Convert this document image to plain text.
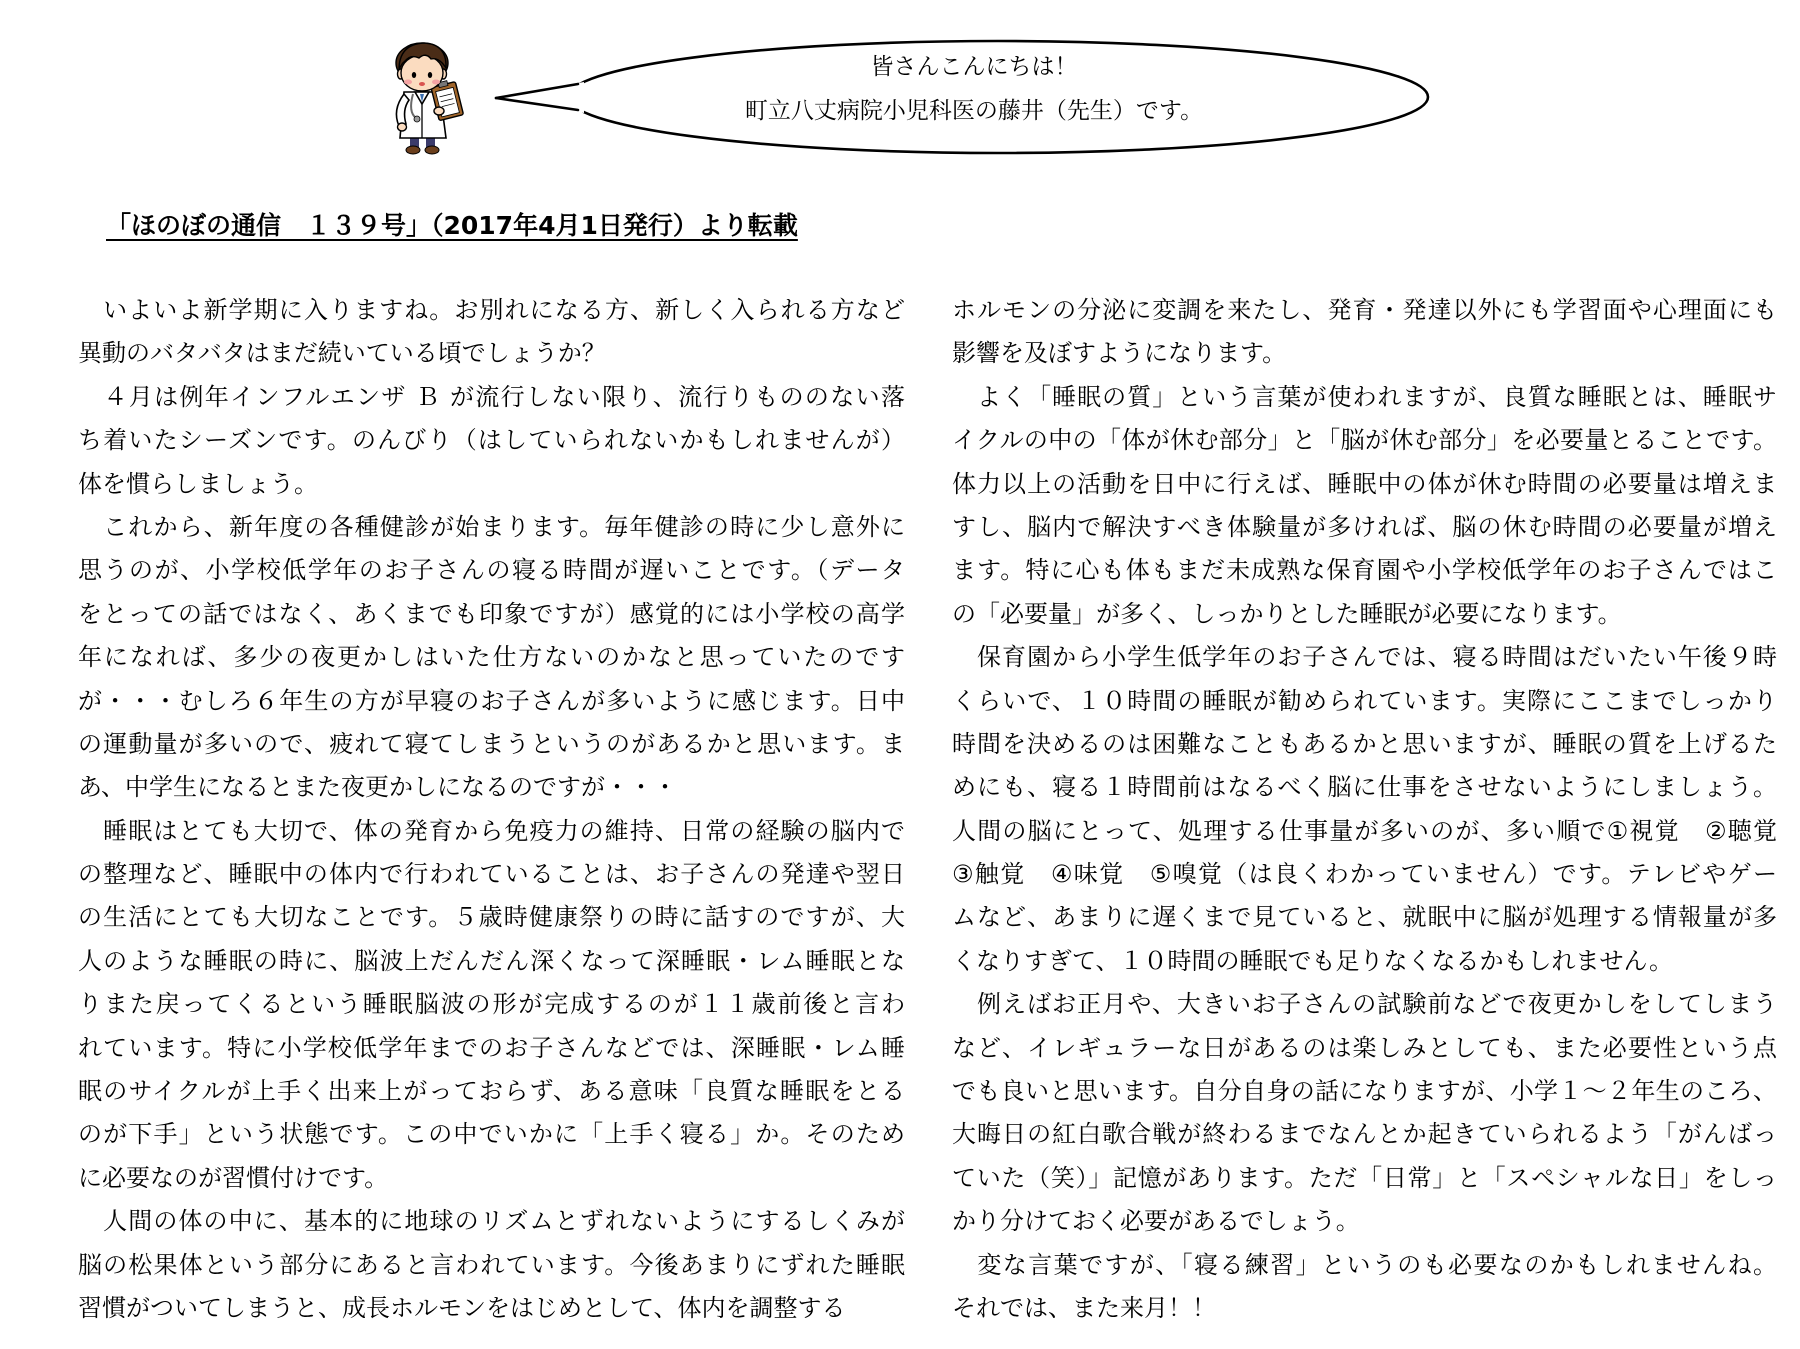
皆さんこんにちは！
町立八丈病院小児科医の藤井（先生）です。
「ほのぼの通信　１３９号」（2017年4月1日発行）より転載
　いよいよ新学期に入りますね。お別れになる方、新しく入られる方など
異動のバタバタはまだ続いている頃でしょうか？
　４月は例年インフルエンザ Ｂ が流行しない限り、流行りもののない落
ち着いたシーズンです。のんびり（はしていられないかもしれませんが）
体を慣らしましょう。
　これから、新年度の各種健診が始まります。毎年健診の時に少し意外に
思うのが、小学校低学年のお子さんの寝る時間が遅いことです。（データ
をとっての話ではなく、あくまでも印象ですが）感覚的には小学校の高学
年になれば、多少の夜更かしはいた仕方ないのかなと思っていたのです
が・・・むしろ６年生の方が早寝のお子さんが多いように感じます。日中
の運動量が多いので、疲れて寝てしまうというのがあるかと思います。ま
あ、中学生になるとまた夜更かしになるのですが・・・
　睡眠はとても大切で、体の発育から免疫力の維持、日常の経験の脳内で
の整理など、睡眠中の体内で行われていることは、お子さんの発達や翌日
の生活にとても大切なことです。５歳時健康祭りの時に話すのですが、大
人のような睡眠の時に、脳波上だんだん深くなって深睡眠・レム睡眠とな
りまた戻ってくるという睡眠脳波の形が完成するのが１１歳前後と言わ
れています。特に小学校低学年までのお子さんなどでは、深睡眠・レム睡
眠のサイクルが上手く出来上がっておらず、ある意味「良質な睡眠をとる
のが下手」という状態です。この中でいかに「上手く寝る」か。そのため
に必要なのが習慣付けです。
　人間の体の中に、基本的に地球のリズムとずれないようにするしくみが
脳の松果体という部分にあると言われています。今後あまりにずれた睡眠
習慣がついてしまうと、成長ホルモンをはじめとして、体内を調整する
ホルモンの分泌に変調を来たし、発育・発達以外にも学習面や心理面にも
影響を及ぼすようになります。
　よく「睡眠の質」という言葉が使われますが、良質な睡眠とは、睡眠サ
イクルの中の「体が休む部分」と「脳が休む部分」を必要量とることです。
体力以上の活動を日中に行えば、睡眠中の体が休む時間の必要量は増えま
すし、脳内で解決すべき体験量が多ければ、脳の休む時間の必要量が増え
ます。特に心も体もまだ未成熟な保育園や小学校低学年のお子さんではこ
の「必要量」が多く、しっかりとした睡眠が必要になります。
　保育園から小学生低学年のお子さんでは、寝る時間はだいたい午後９時
くらいで、１０時間の睡眠が勧められています。実際にここまでしっかり
時間を決めるのは困難なこともあるかと思いますが、睡眠の質を上げるた
めにも、寝る１時間前はなるべく脳に仕事をさせないようにしましょう。
人間の脳にとって、処理する仕事量が多いのが、多い順で①視覚　②聴覚
③触覚　④味覚　⑤嗅覚（は良くわかっていません）です。テレビやゲー
ムなど、あまりに遅くまで見ていると、就眠中に脳が処理する情報量が多
くなりすぎて、１０時間の睡眠でも足りなくなるかもしれません。
　例えばお正月や、大きいお子さんの試験前などで夜更かしをしてしまう
など、イレギュラーな日があるのは楽しみとしても、また必要性という点
でも良いと思います。自分自身の話になりますが、小学１～２年生のころ、
大晦日の紅白歌合戦が終わるまでなんとか起きていられるよう「がんばっ
ていた（笑）」記憶があります。ただ「日常」と「スペシャルな日」をしっ
かり分けておく必要があるでしょう。
　変な言葉ですが、「寝る練習」というのも必要なのかもしれませんね。
それでは、また来月！！
